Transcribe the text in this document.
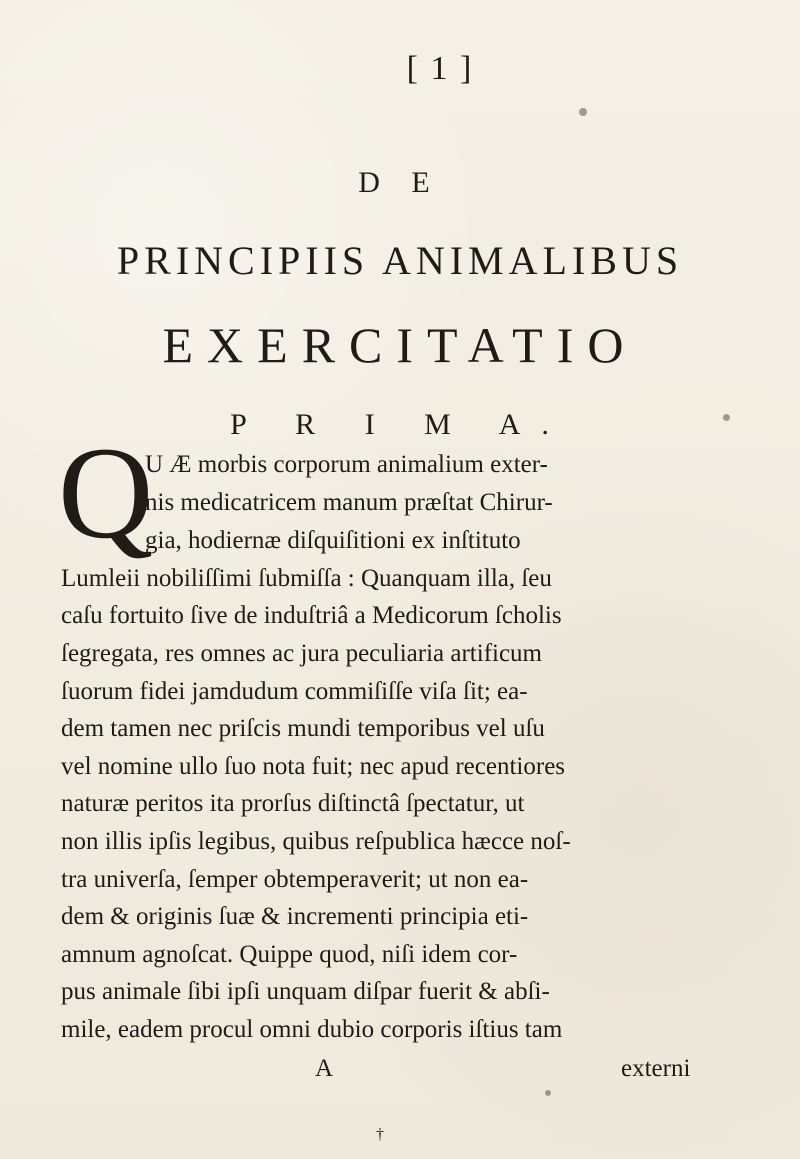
[ 1 ]
D E
PRINCIPIIS ANIMALIBUS
EXERCITATIO
P R I M A.
Q
U Æ morbis corporum animalium exter-
nis medicatricem manum præſtat Chirur-
gia, hodiernæ diſquiſitioni ex inſtituto
Lumleii nobiliſſimi ſubmiſſa : Quanquam illa, ſeu
caſu fortuito ſive de induſtriâ a Medicorum ſcholis
ſegregata, res omnes ac jura peculiaria artificum
ſuorum fidei jamdudum commiſiſſe viſa ſit; ea-
dem tamen nec priſcis mundi temporibus vel uſu
vel nomine ullo ſuo nota fuit; nec apud recentiores
naturæ peritos ita prorſus diſtinctâ ſpectatur, ut
non illis ipſis legibus, quibus reſpublica hæcce noſ-
tra univerſa, ſemper obtemperaverit; ut non ea-
dem & originis ſuæ & incrementi principia eti-
amnum agnoſcat. Quippe quod, niſi idem cor-
pus animale ſibi ipſi unquam diſpar fuerit & abſi-
mile, eadem procul omni dubio corporis iſtius tam
A	externi
†
